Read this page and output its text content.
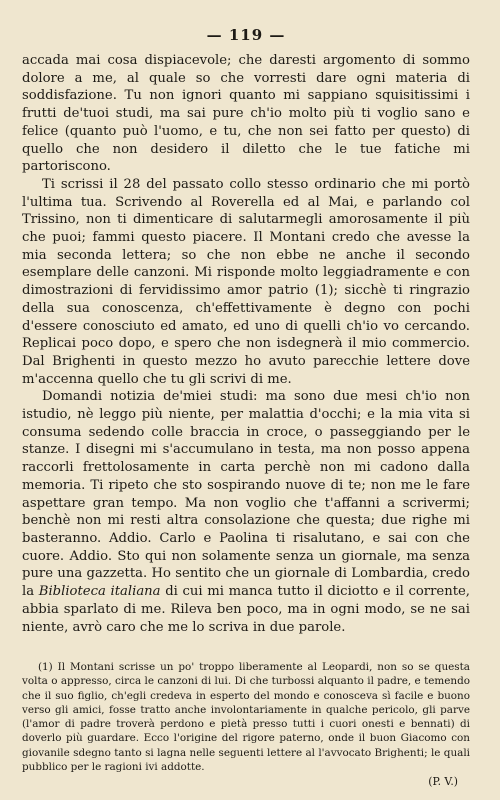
— 119 —

accada mai cosa dispiacevole; che daresti argomento di sommo dolore a me, al quale so che vorresti dare ogni materia di soddisfazione. Tu non ignori quanto mi sappiano squisitissimi i frutti de'tuoi studi, ma sai pure ch'io molto più ti voglio sano e felice (quanto può l'uomo, e tu, che non sei fatto per questo) di quello che non desidero il diletto che le tue fatiche mi partoriscono.

Ti scrissi il 28 del passato collo stesso ordinario che mi portò l'ultima tua. Scrivendo al Roverella ed al Mai, e parlando col Trissino, non ti dimenticare di salutarmegli amorosamente il più che puoi; fammi questo piacere. Il Montani credo che avesse la mia seconda lettera; so che non ebbe ne anche il secondo esemplare delle canzoni. Mi risponde molto leggiadramente e con dimostrazioni di fervidissimo amor patrio (1); sicchè ti ringrazio della sua conoscenza, ch'effettivamente è degno con pochi d'essere conosciuto ed amato, ed uno di quelli ch'io vo cercando. Replicai poco dopo, e spero che non isdegnerà il mio commercio. Dal Brighenti in questo mezzo ho avuto parecchie lettere dove m'accenna quello che tu gli scrivi di me.

Domandi notizia de'miei studi: ma sono due mesi ch'io non istudio, nè leggo più niente, per malattia d'occhi; e la mia vita si consuma sedendo colle braccia in croce, o passeggiando per le stanze. I disegni mi s'accumulano in testa, ma non posso appena raccorli frettolosamente in carta perchè non mi cadono dalla memoria. Ti ripeto che sto sospirando nuove di te; non me le fare aspettare gran tempo. Ma non voglio che t'affanni a scrivermi; benchè non mi resti altra consolazione che questa; due righe mi basteranno. Addio. Carlo e Paolina ti risalutano, e sai con che cuore. Addio. Sto qui non solamente senza un giornale, ma senza pure una gazzetta. Ho sentito che un giornale di Lombardia, credo la Biblioteca italiana di cui mi manca tutto il diciotto e il corrente, abbia sparlato di me. Rileva ben poco, ma in ogni modo, se ne sai niente, avrò caro che me lo scriva in due parole.

(1) Il Montani scrisse un po' troppo liberamente al Leopardi, non so se questa volta o appresso, circa le canzoni di lui. Di che turbossi alquanto il padre, e temendo che il suo figlio, ch'egli credeva in esperto del mondo e conosceva sì facile e buono verso gli amici, fosse tratto anche involontariamente in qualche pericolo, gli parve (l'amor di padre troverà perdono e pietà presso tutti i cuori onesti e bennati) di doverlo più guardare. Ecco l'origine del rigore paterno, onde il buon Giacomo con giovanile sdegno tanto si lagna nelle seguenti lettere al l'avvocato Brighenti; le quali pubblico per le ragioni ivi addotte.

(P. V.)
